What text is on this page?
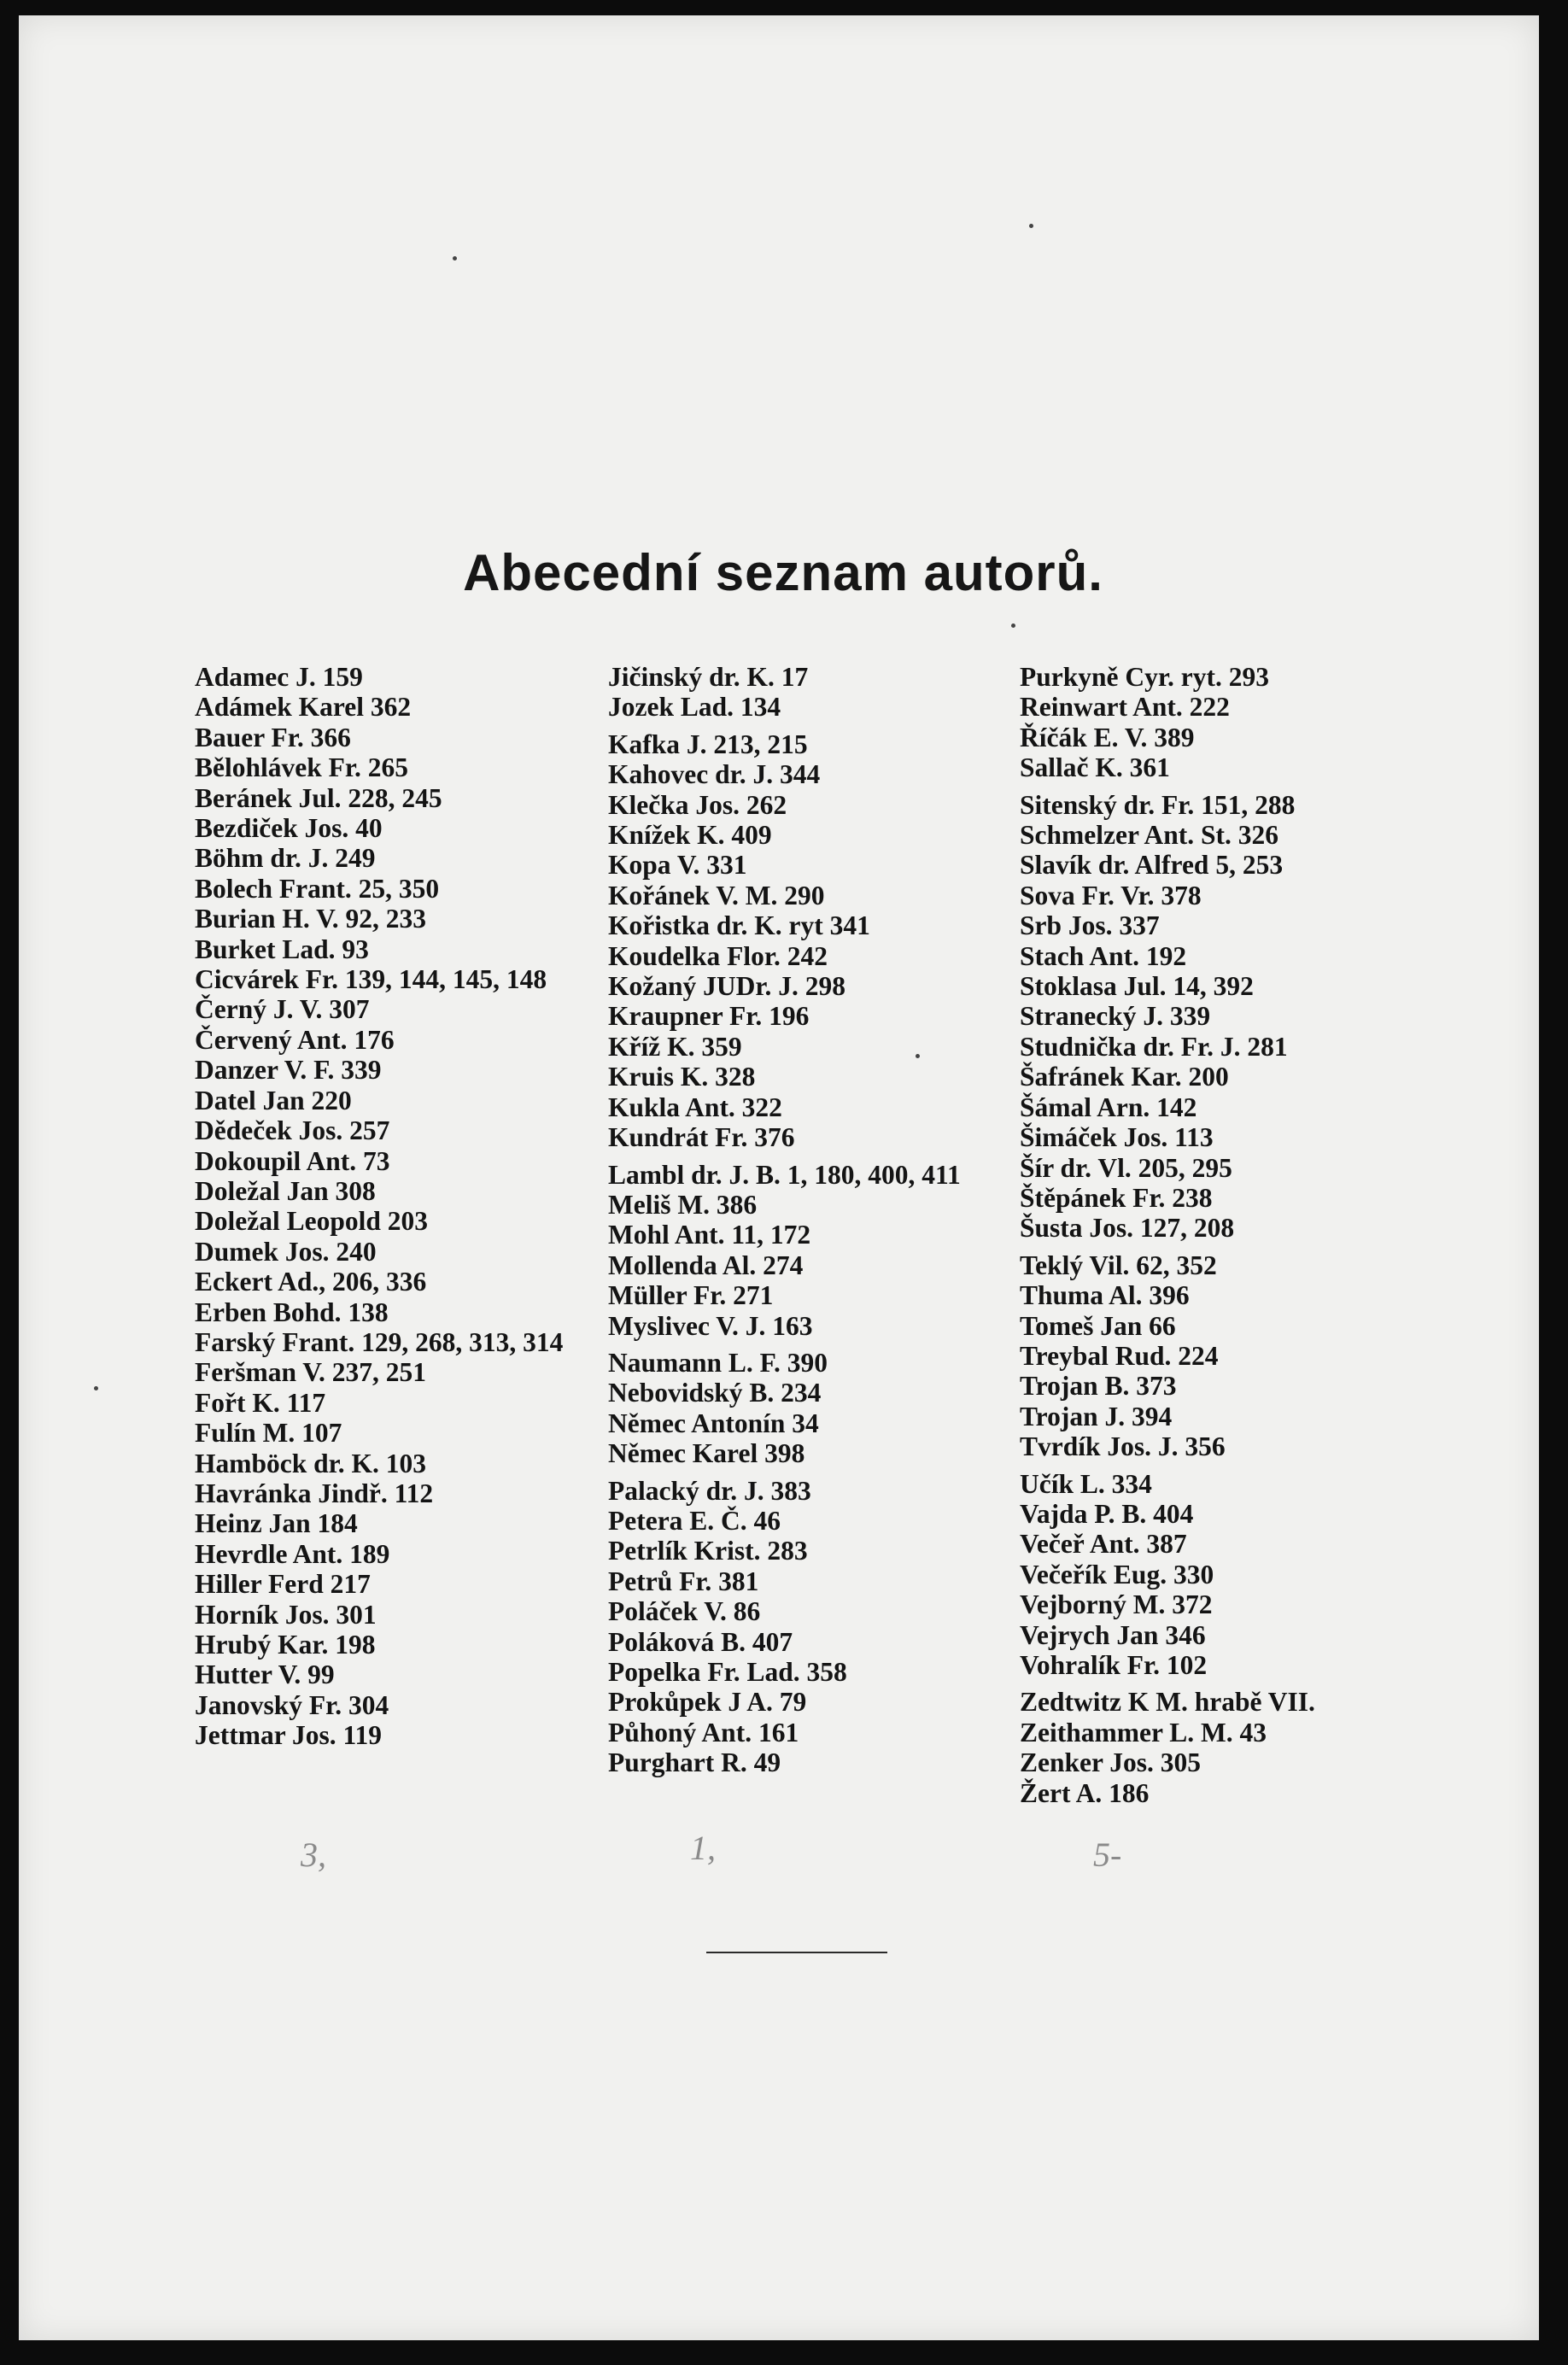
Abecední seznam autorů.
Adamec J. 159
Adámek Karel 362
Bauer Fr. 366
Bělohlávek Fr. 265
Beránek Jul. 228, 245
Bezdiček Jos. 40
Böhm dr. J. 249
Bolech Frant. 25, 350
Burian H. V. 92, 233
Burket Lad. 93
Cicvárek Fr. 139, 144, 145, 148
Černý J. V. 307
Červený Ant. 176
Danzer V. F. 339
Datel Jan 220
Dědeček Jos. 257
Dokoupil Ant. 73
Doležal Jan 308
Doležal Leopold 203
Dumek Jos. 240
Eckert Ad., 206, 336
Erben Bohd. 138
Farský Frant. 129, 268, 313, 314
Feršman V. 237, 251
Fořt K. 117
Fulín M. 107
Hamböck dr. K. 103
Havránka Jindř. 112
Heinz Jan 184
Hevrdle Ant. 189
Hiller Ferd 217
Horník Jos. 301
Hrubý Kar. 198
Hutter V. 99
Janovský Fr. 304
Jettmar Jos. 119
Jičinský dr. K. 17
Jozek Lad. 134
Kafka J. 213, 215
Kahovec dr. J. 344
Klečka Jos. 262
Knížek K. 409
Kopa V. 331
Kořánek V. M. 290
Kořistka dr. K. ryt 341
Koudelka Flor. 242
Kožaný JUDr. J. 298
Kraupner Fr. 196
Kříž K. 359
Kruis K. 328
Kukla Ant. 322
Kundrát Fr. 376
Lambl dr. J. B. 1, 180, 400, 411
Meliš M. 386
Mohl Ant. 11, 172
Mollenda Al. 274
Müller Fr. 271
Myslivec V. J. 163
Naumann L. F. 390
Nebovidský B. 234
Němec Antonín 34
Němec Karel 398
Palacký dr. J. 383
Petera E. Č. 46
Petrlík Krist. 283
Petrů Fr. 381
Poláček V. 86
Poláková B. 407
Popelka Fr. Lad. 358
Prokůpek J A. 79
Půhoný Ant. 161
Purghart R. 49
Purkyně Cyr. ryt. 293
Reinwart Ant. 222
Říčák E. V. 389
Sallač K. 361
Sitenský dr. Fr. 151, 288
Schmelzer Ant. St. 326
Slavík dr. Alfred 5, 253
Sova Fr. Vr. 378
Srb Jos. 337
Stach Ant. 192
Stoklasa Jul. 14, 392
Stranecký J. 339
Studnička dr. Fr. J. 281
Šafránek Kar. 200
Šámal Arn. 142
Šimáček Jos. 113
Šír dr. Vl. 205, 295
Štěpánek Fr. 238
Šusta Jos. 127, 208
Teklý Vil. 62, 352
Thuma Al. 396
Tomeš Jan 66
Treybal Rud. 224
Trojan B. 373
Trojan J. 394
Tvrdík Jos. J. 356
Učík L. 334
Vajda P. B. 404
Večeř Ant. 387
Večeřík Eug. 330
Vejborný M. 372
Vejrych Jan 346
Vohralík Fr. 102
Zedtwitz K M. hrabě VII.
Zeithammer L. M. 43
Zenker Jos. 305
Žert A. 186
3,	1,	5-
